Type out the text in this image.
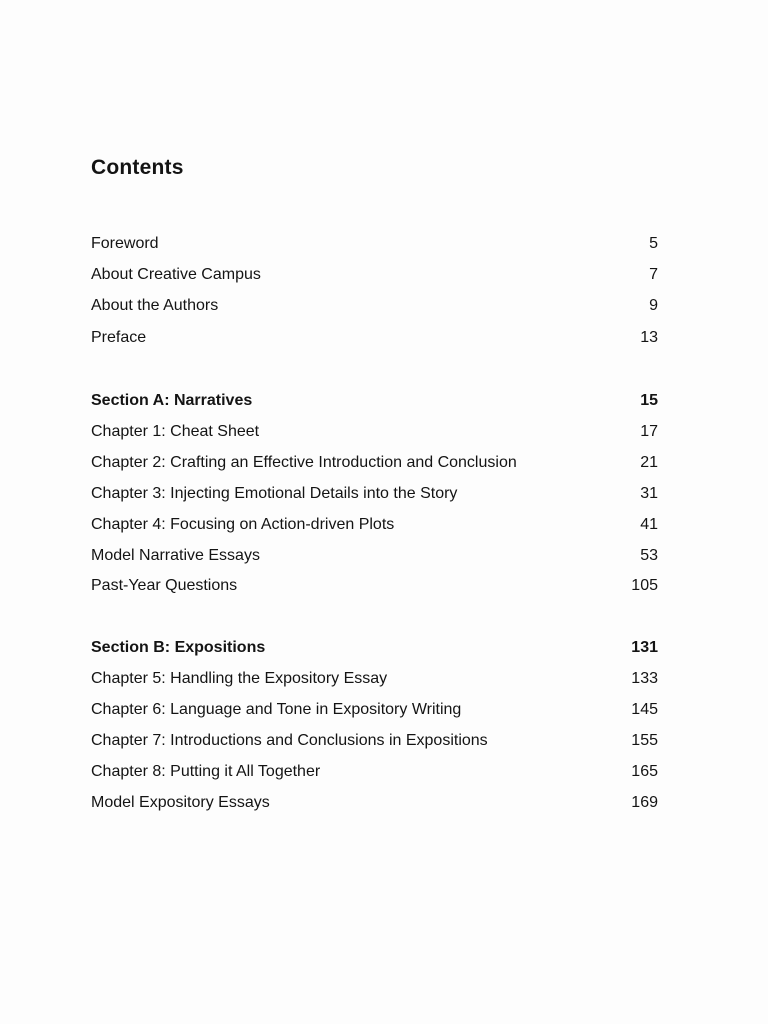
Contents
Foreword	5
About Creative Campus	7
About the Authors	9
Preface	13
Section A: Narratives	15
Chapter 1: Cheat Sheet	17
Chapter 2: Crafting an Effective Introduction and Conclusion	21
Chapter 3: Injecting Emotional Details into the Story	31
Chapter 4: Focusing on Action-driven Plots	41
Model Narrative Essays	53
Past-Year Questions	105
Section B: Expositions	131
Chapter 5: Handling the Expository Essay	133
Chapter 6: Language and Tone in Expository Writing	145
Chapter 7: Introductions and Conclusions in Expositions	155
Chapter 8: Putting it All Together	165
Model Expository Essays	169
